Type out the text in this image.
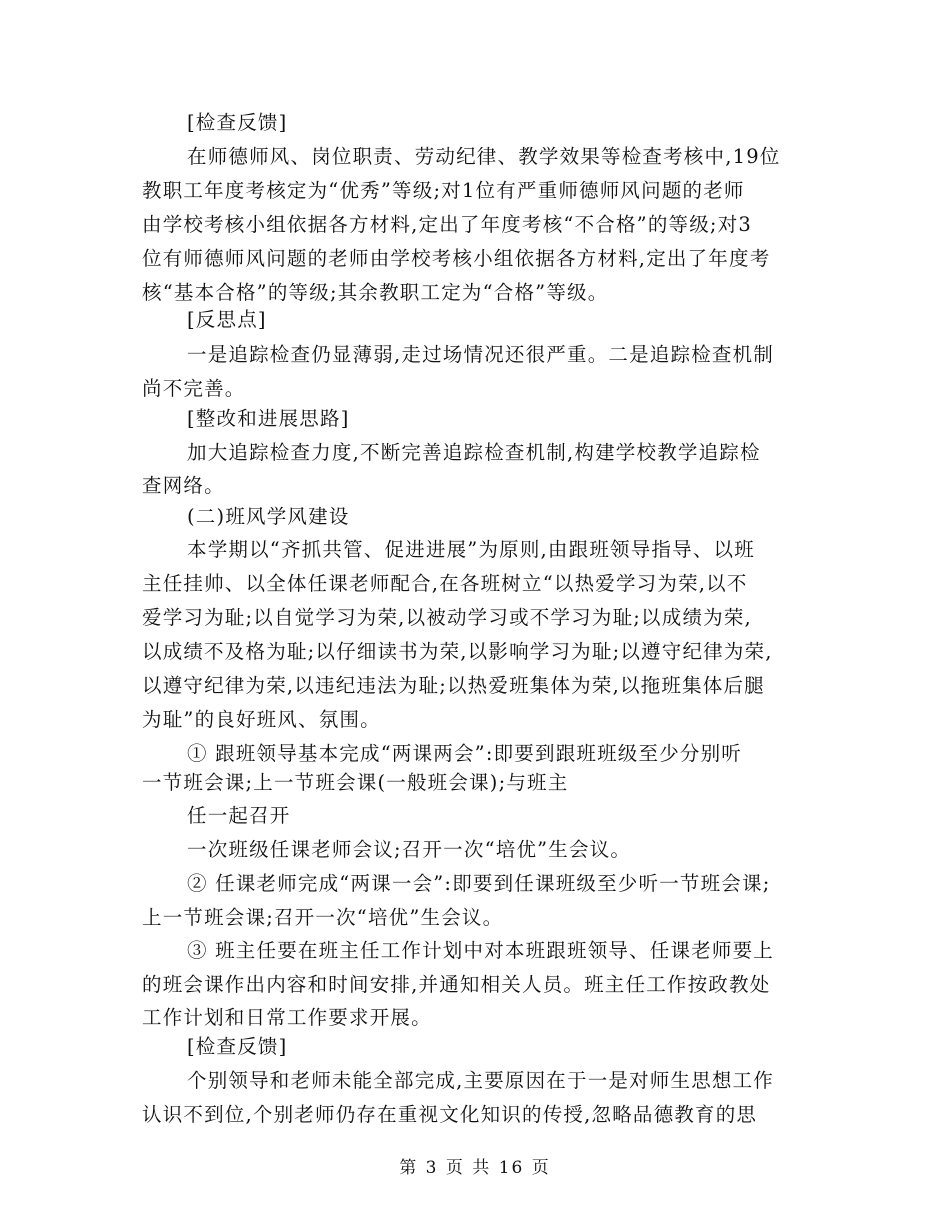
[检查反馈]
在师德师风、岗位职责、劳动纪律、教学效果等检查考核中,19位
教职工年度考核定为“优秀”等级;对1位有严重师德师风问题的老师
由学校考核小组依据各方材料,定出了年度考核“不合格”的等级;对3
位有师德师风问题的老师由学校考核小组依据各方材料,定出了年度考
核“基本合格”的等级;其余教职工定为“合格”等级。
[反思点]
一是追踪检查仍显薄弱,走过场情况还很严重。二是追踪检查机制
尚不完善。
[整改和进展思路]
加大追踪检查力度,不断完善追踪检查机制,构建学校教学追踪检
查网络。
(二)班风学风建设
本学期以“齐抓共管、促进进展”为原则,由跟班领导指导、以班
主任挂帅、以全体任课老师配合,在各班树立“以热爱学习为荣,以不
爱学习为耻;以自觉学习为荣,以被动学习或不学习为耻;以成绩为荣,
以成绩不及格为耻;以仔细读书为荣,以影响学习为耻;以遵守纪律为荣,
以遵守纪律为荣,以违纪违法为耻;以热爱班集体为荣,以拖班集体后腿
为耻”的良好班风、氛围。
① 跟班领导基本完成“两课两会”:即要到跟班班级至少分别听
一节班会课;上一节班会课(一般班会课);与班主
任一起召开
一次班级任课老师会议;召开一次“培优”生会议。
② 任课老师完成“两课一会”:即要到任课班级至少听一节班会课;
上一节班会课;召开一次“培优”生会议。
③ 班主任要在班主任工作计划中对本班跟班领导、任课老师要上
的班会课作出内容和时间安排,并通知相关人员。班主任工作按政教处
工作计划和日常工作要求开展。
[检查反馈]
个别领导和老师未能全部完成,主要原因在于一是对师生思想工作
认识不到位,个别老师仍存在重视文化知识的传授,忽略品德教育的思
第 3 页 共 16 页
